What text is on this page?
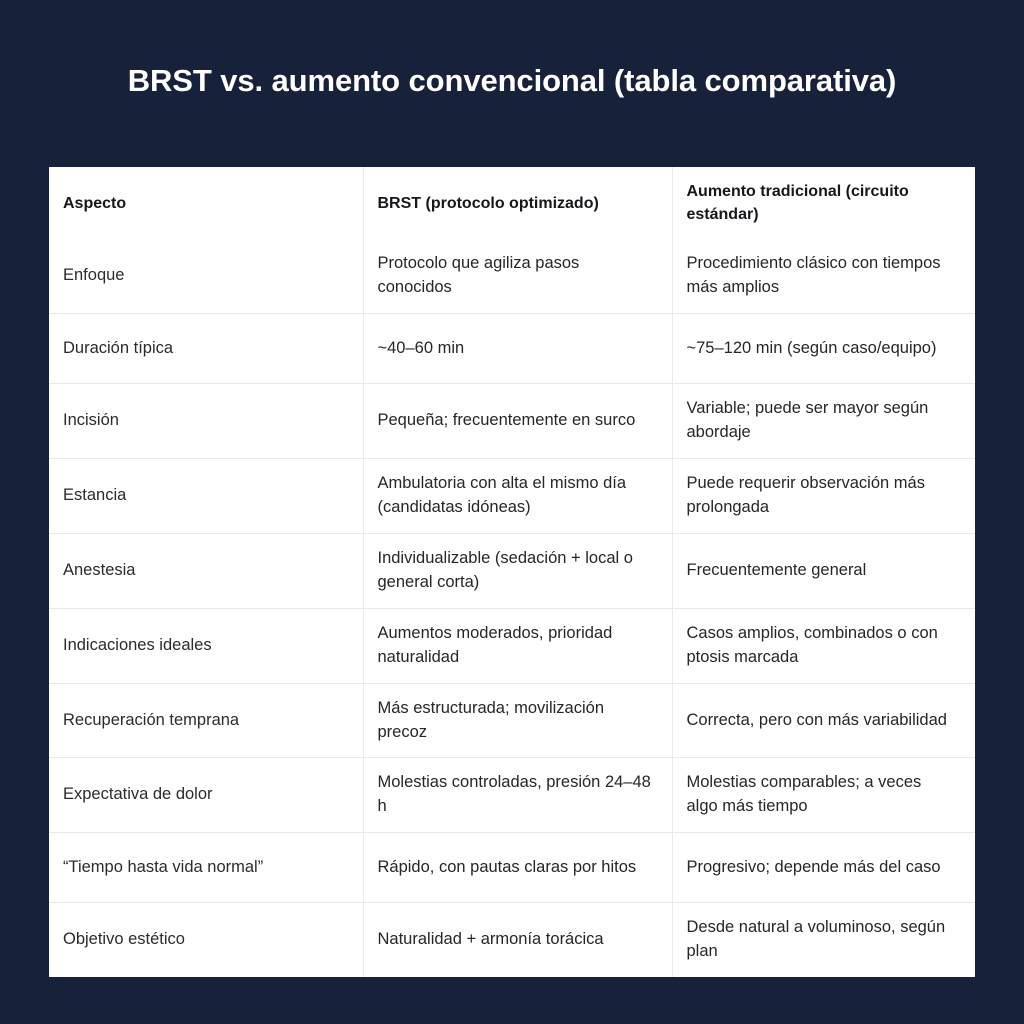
BRST vs. aumento convencional (tabla comparativa)
Aspecto	BRST (protocolo optimizado)	Aumento tradicional (circuito estándar)
Enfoque	Protocolo que agiliza pasos conocidos	Procedimiento clásico con tiempos más amplios
Duración típica	~40–60 min	~75–120 min (según caso/equipo)
Incisión	Pequeña; frecuentemente en surco	Variable; puede ser mayor según abordaje
Estancia	Ambulatoria con alta el mismo día (candidatas idóneas)	Puede requerir observación más prolongada
Anestesia	Individualizable (sedación + local o general corta)	Frecuentemente general
Indicaciones ideales	Aumentos moderados, prioridad naturalidad	Casos amplios, combinados o con ptosis marcada
Recuperación temprana	Más estructurada; movilización precoz	Correcta, pero con más variabilidad
Expectativa de dolor	Molestias controladas, presión 24–48 h	Molestias comparables; a veces algo más tiempo
“Tiempo hasta vida normal”	Rápido, con pautas claras por hitos	Progresivo; depende más del caso
Objetivo estético	Naturalidad + armonía torácica	Desde natural a voluminoso, según plan
